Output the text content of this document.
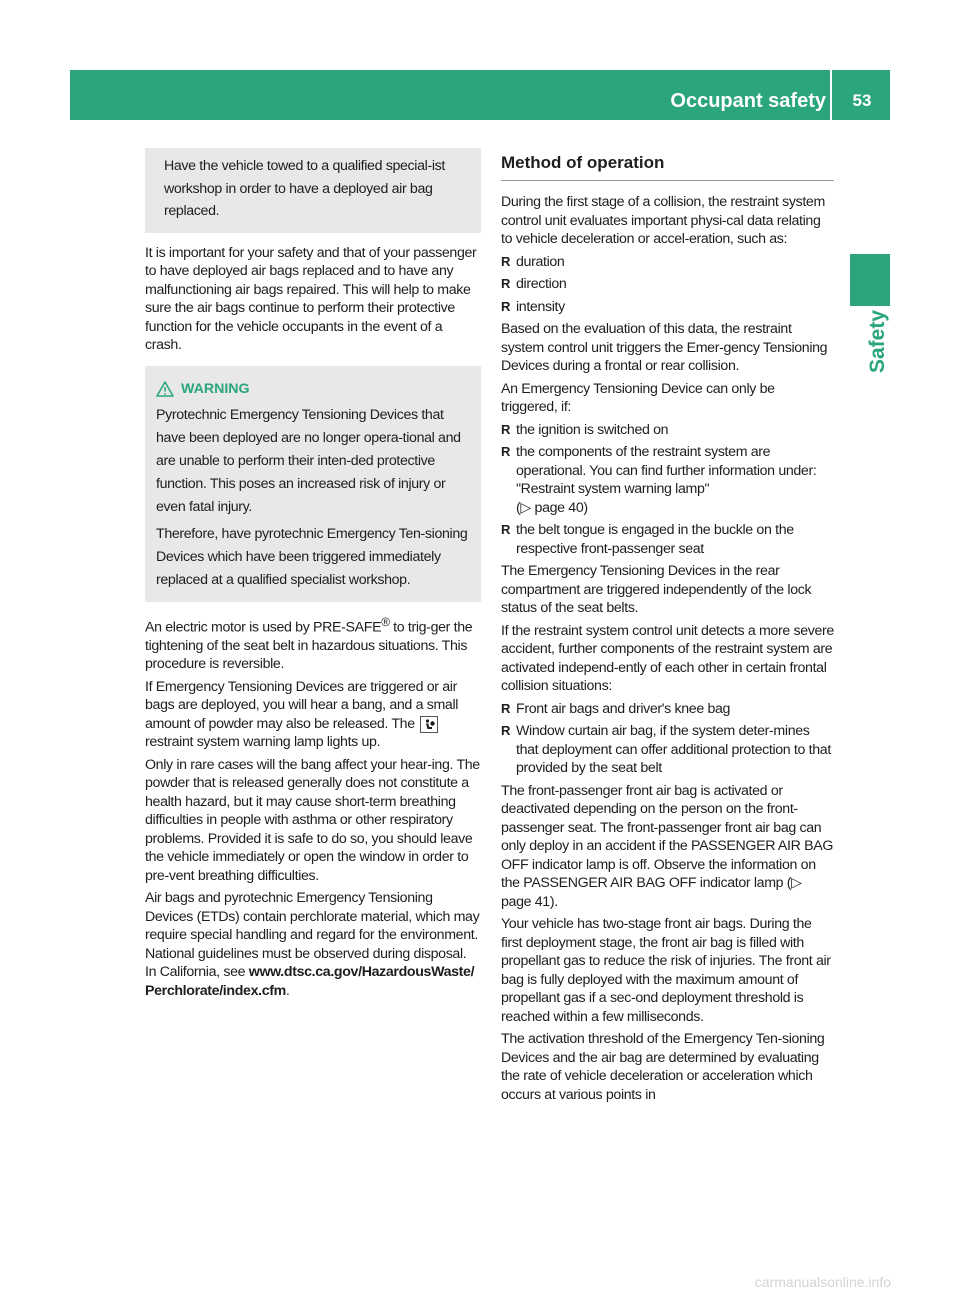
Occupant safety	53
Safety

Have the vehicle towed to a qualified special-ist workshop in order to have a deployed air bag replaced.

It is important for your safety and that of your passenger to have deployed air bags replaced and to have any malfunctioning air bags repaired. This will help to make sure the air bags continue to perform their protective function for the vehicle occupants in the event of a crash.

WARNING

Pyrotechnic Emergency Tensioning Devices that have been deployed are no longer opera-tional and are unable to perform their inten-ded protective function. This poses an increased risk of injury or even fatal injury.

Therefore, have pyrotechnic Emergency Ten-sioning Devices which have been triggered immediately replaced at a qualified specialist workshop.

An electric motor is used by PRE-SAFE® to trig-ger the tightening of the seat belt in hazardous situations. This procedure is reversible.

If Emergency Tensioning Devices are triggered or air bags are deployed, you will hear a bang, and a small amount of powder may also be released. The
restraint system warning lamp lights up.

Only in rare cases will the bang affect your hear-ing. The powder that is released generally does not constitute a health hazard, but it may cause short-term breathing difficulties in people with asthma or other respiratory problems. Provided it is safe to do so, you should leave the vehicle immediately or open the window in order to pre-vent breathing difficulties.

Air bags and pyrotechnic Emergency Tensioning Devices (ETDs) contain perchlorate material, which may require special handling and regard for the environment. National guidelines must be observed during disposal. In California, see www.dtsc.ca.gov/HazardousWaste/ Perchlorate/index.cfm.

Method of operation

During the first stage of a collision, the restraint system control unit evaluates important physi-cal data relating to vehicle deceleration or accel-eration, such as:

R duration
R direction
R intensity

Based on the evaluation of this data, the restraint system control unit triggers the Emer-gency Tensioning Devices during a frontal or rear collision.

An Emergency Tensioning Device can only be triggered, if:

R the ignition is switched on
R the components of the restraint system are operational. You can find further information under: "Restraint system warning lamp"
(▷ page 40)
R the belt tongue is engaged in the buckle on the respective front-passenger seat

The Emergency Tensioning Devices in the rear compartment are triggered independently of the lock status of the seat belts.

If the restraint system control unit detects a more severe accident, further components of the restraint system are activated independ-ently of each other in certain frontal collision situations:

R Front air bags and driver's knee bag
R Window curtain air bag, if the system deter-mines that deployment can offer additional protection to that provided by the seat belt

The front-passenger front air bag is activated or deactivated depending on the person on the front-passenger seat. The front-passenger front air bag can only deploy in an accident if the PASSENGER AIR BAG OFF indicator lamp is off. Observe the information on the PASSENGER AIR BAG OFF indicator lamp (▷ page 41).

Your vehicle has two-stage front air bags. During the first deployment stage, the front air bag is filled with propellant gas to reduce the risk of injuries. The front air bag is fully deployed with the maximum amount of propellant gas if a sec-ond deployment threshold is reached within a few milliseconds.

The activation threshold of the Emergency Ten-sioning Devices and the air bag are determined by evaluating the rate of vehicle deceleration or acceleration which occurs at various points in

carmanualsonline.info
